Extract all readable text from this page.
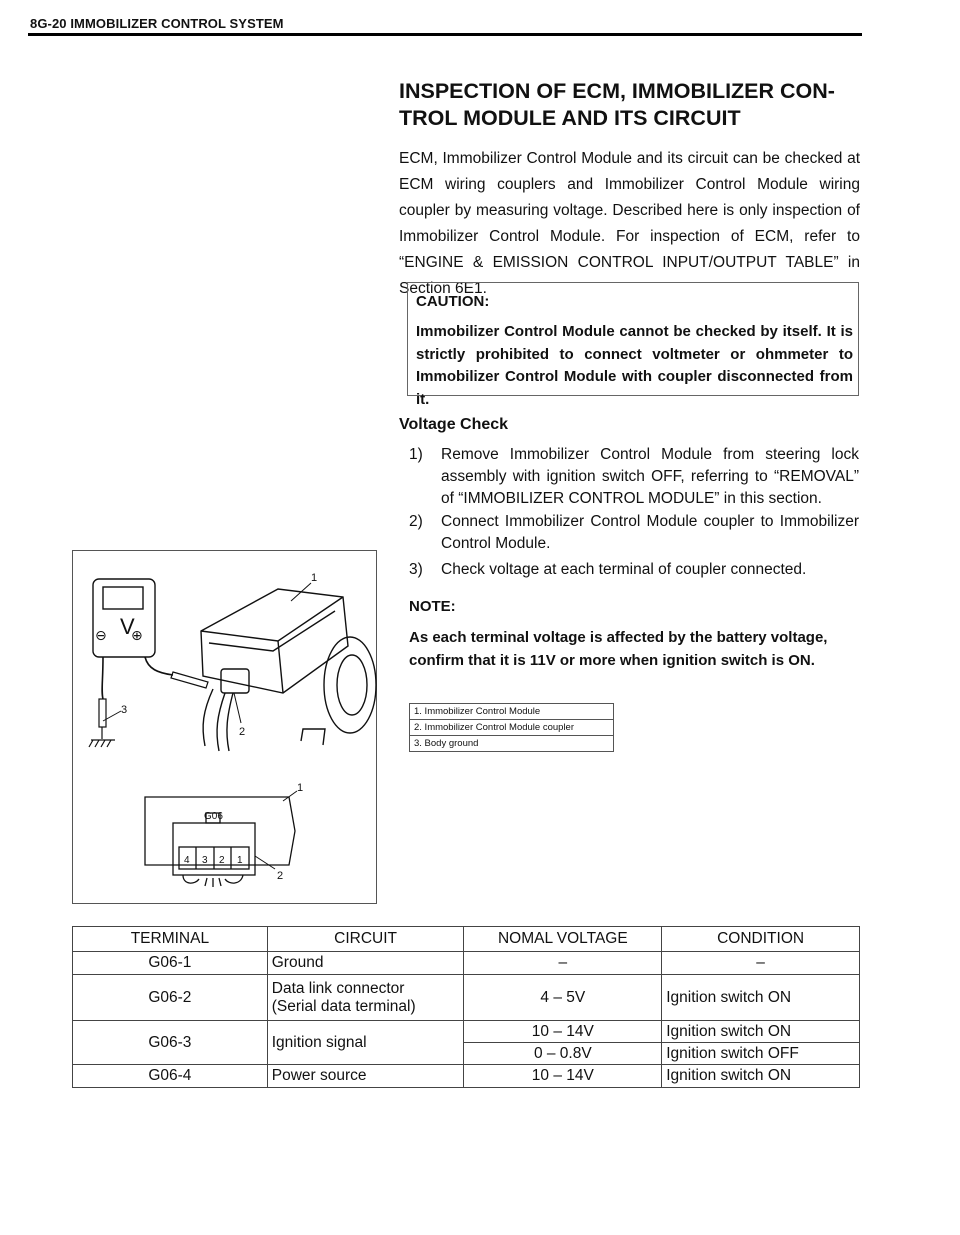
8G-20 IMMOBILIZER CONTROL SYSTEM
INSPECTION OF ECM, IMMOBILIZER CON-
TROL MODULE AND ITS CIRCUIT

ECM, Immobilizer Control Module and its circuit can be checked at ECM wiring couplers and Immobilizer Control Module wiring coupler by measuring voltage. Described here is only inspection of Immobilizer Control Module. For inspection of ECM, refer to “ENGINE & EMISSION CONTROL INPUT/OUTPUT TABLE” in Section 6E1.

CAUTION:
Immobilizer Control Module cannot be checked by itself. It is strictly prohibited to connect voltmeter or ohmmeter to Immobilizer Control Module with coupler disconnected from it.
Voltage Check
1) Remove Immobilizer Control Module from steering lock assembly with ignition switch OFF, referring to “REMOVAL” of “IMMOBILIZER CONTROL MODULE” in this section.
2) Connect Immobilizer Control Module coupler to Immobilizer Control Module.
3) Check voltage at each terminal of coupler connected.
NOTE:
As each terminal voltage is affected by the battery voltage, confirm that it is 11V or more when ignition switch is ON.
1. Immobilizer Control Module
2. Immobilizer Control Module coupler
3. Body ground
V
⊖ ⊕
1
2
3
G06
4 3 2 1
1
2
TERMINAL	CIRCUIT	NOMAL VOLTAGE	CONDITION
G06-1	Ground	–	–
G06-2	Data link connector
(Serial data terminal)	4 – 5V	Ignition switch ON
G06-3	Ignition signal	10 – 14V	Ignition switch ON
		0 – 0.8V	Ignition switch OFF
G06-4	Power source	10 – 14V	Ignition switch ON
